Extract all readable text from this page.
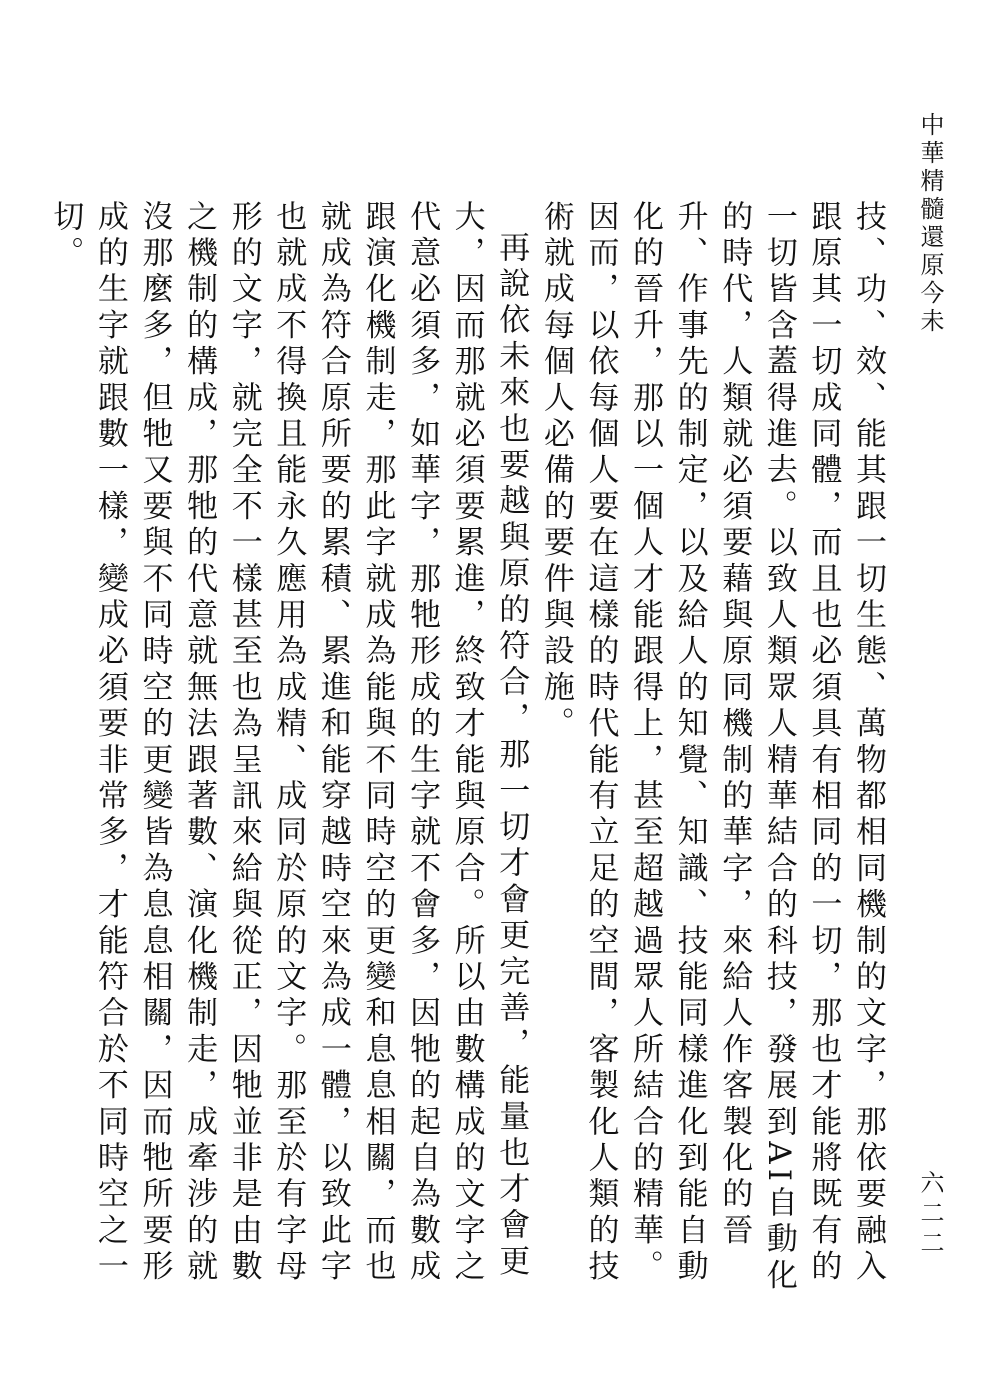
中華精髓還原今未
六二二

技、功、效、能其跟一切生態、萬物都相同機制的文字，那依要融入跟原其一切成同體，而且也必須具有相同的一切，那也才能將既有的一切皆含蓋得進去。以致人類眾人精華結合的科技，發展到AI自動化的時代，人類就必須要藉與原同機制的華字，來給人作客製化的晉升、作事先的制定，以及給人的知覺、知識、技能同樣進化到能自動化的晉升，那以一個人才能跟得上，甚至超越過眾人所結合的精華。因而，以依每個人要在這樣的時代能有立足的空間，客製化人類的技術就成每個人必備的要件與設施。

再說依未來也要越與原的符合，那一切才會更完善，能量也才會更大，因而那就必須要累進，終致才能與原合。所以由數構成的文字之代意必須多，如華字，那牠形成的生字就不會多，因牠的起自為數成跟演化機制走，那此字就成為能與不同時空的更變和息息相關，而也就成為符合原所要的累積、累進和能穿越時空來為成一體，以致此字也就成不得換且能永久應用為成精、成同於原的文字。那至於有字母形的文字，就完全不一樣甚至也為呈訊來給與從正，因牠並非是由數之機制的構成，那牠的代意就無法跟著數、演化機制走，成牽涉的就沒那麼多，但牠又要與不同時空的更變皆為息息相關，因而牠所要形成的生字就跟數一樣，變成必須要非常多，才能符合於不同時空之一切。
